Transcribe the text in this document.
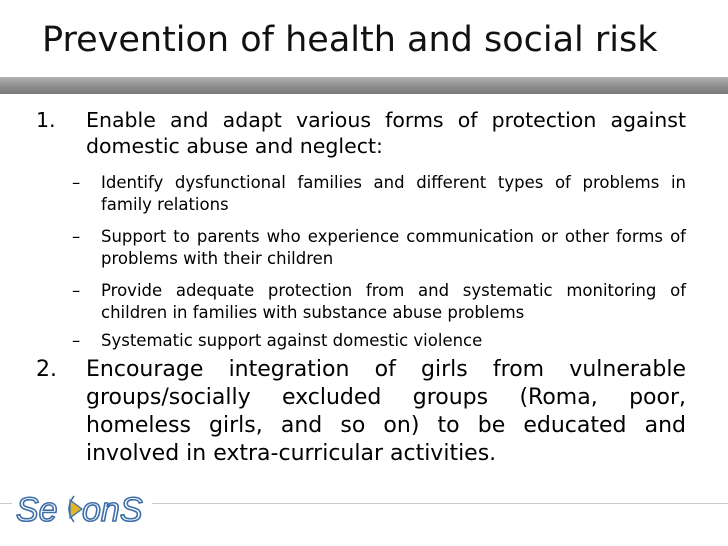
Prevention of health and social risk
1. Enable and adapt various forms of protection against domestic abuse and neglect:
– Identify dysfunctional families and different types of problems in family relations
– Support to parents who experience communication or other forms of problems with their children
– Provide adequate protection from and systematic monitoring of children in families with substance abuse problems
– Systematic support against domestic violence
2. Encourage integration of girls from vulnerable groups/socially excluded groups (Roma, poor, homeless girls, and so on) to be educated and involved in extra-curricular activities.
Se onS
